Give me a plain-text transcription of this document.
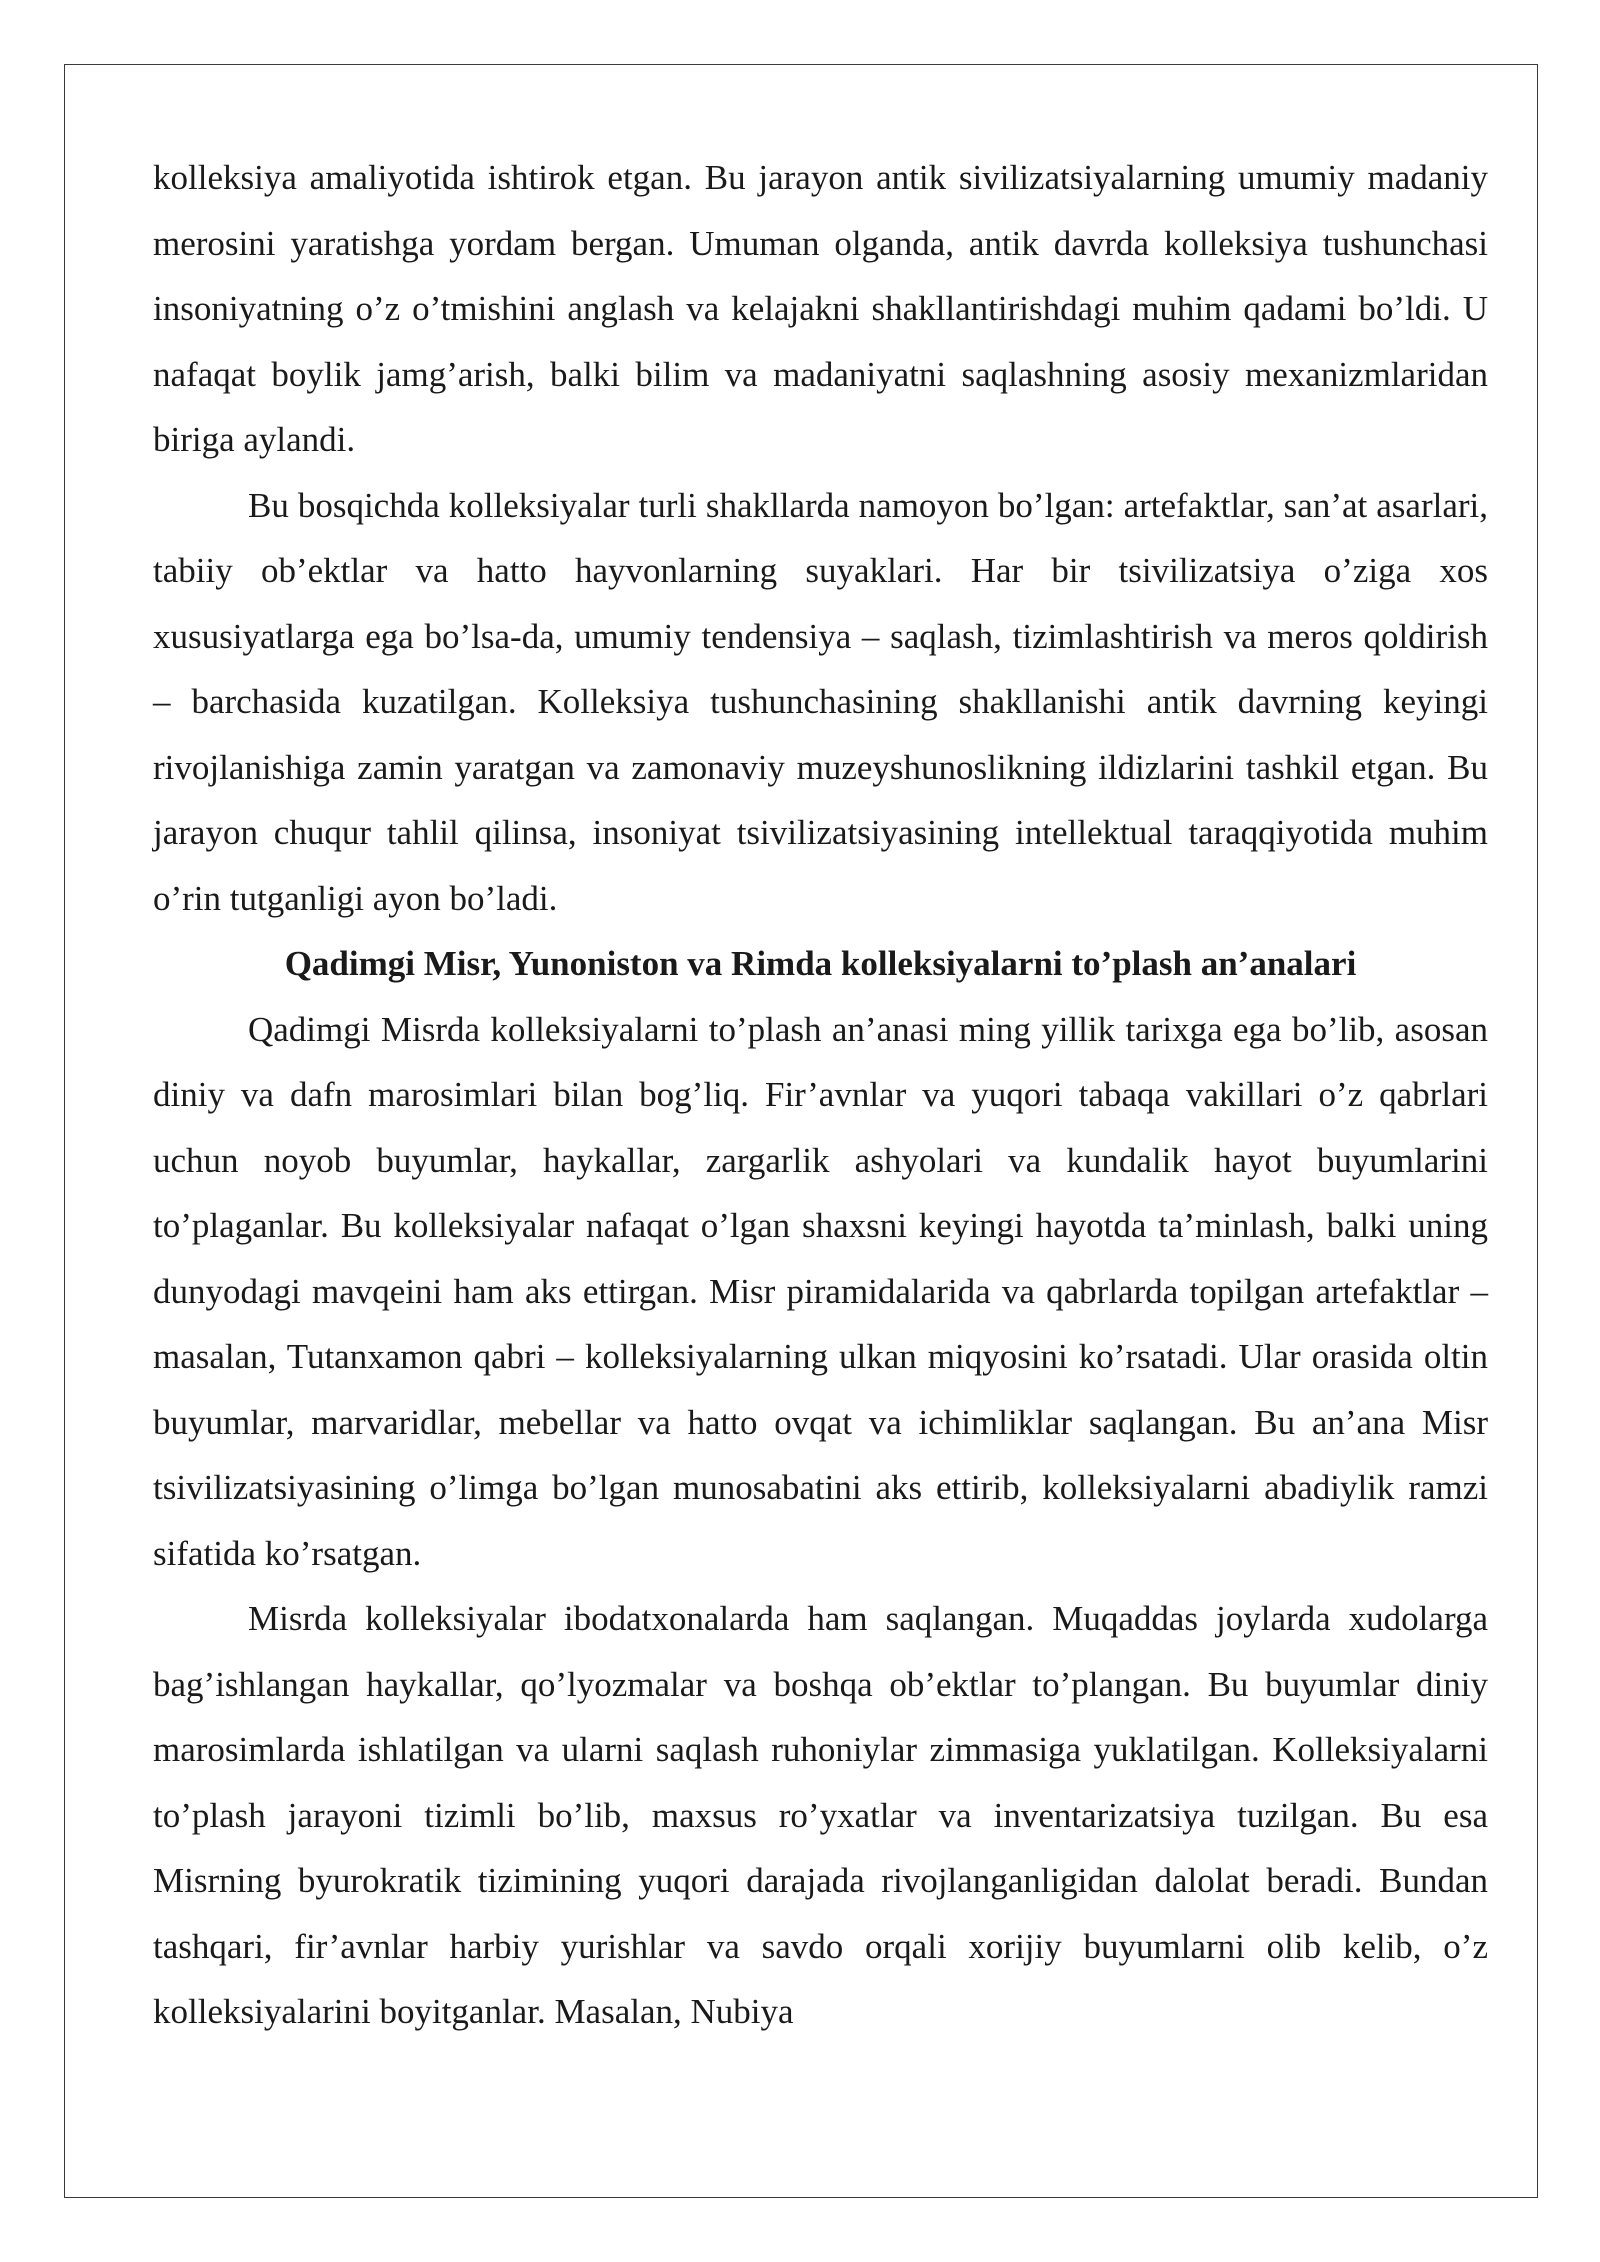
kolleksiya amaliyotida ishtirok etgan. Bu jarayon antik sivilizatsiyalarning umumiy madaniy merosini yaratishga yordam bergan. Umuman olganda, antik davrda kolleksiya tushunchasi insoniyatning o’z o’tmishini anglash va kelajakni shakllantirishdagi muhim qadami bo’ldi. U nafaqat boylik jamg’arish, balki bilim va madaniyatni saqlashning asosiy mexanizmlaridan biriga aylandi.

Bu bosqichda kolleksiyalar turli shakllarda namoyon bo’lgan: artefaktlar, san’at asarlari, tabiiy ob’ektlar va hatto hayvonlarning suyaklari. Har bir tsivilizatsiya o’ziga xos xususiyatlarga ega bo’lsa-da, umumiy tendensiya – saqlash, tizimlashtirish va meros qoldirish – barchasida kuzatilgan. Kolleksiya tushunchasining shakllanishi antik davrning keyingi rivojlanishiga zamin yaratgan va zamonaviy muzeyshunoslikning ildizlarini tashkil etgan. Bu jarayon chuqur tahlil qilinsa, insoniyat tsivilizatsiyasining intellektual taraqqiyotida muhim o’rin tutganligi ayon bo’ladi.

Qadimgi Misr, Yunoniston va Rimda kolleksiyalarni to’plash an’analari

Qadimgi Misrda kolleksiyalarni to’plash an’anasi ming yillik tarixga ega bo’lib, asosan diniy va dafn marosimlari bilan bog’liq. Fir’avnlar va yuqori tabaqa vakillari o’z qabrlari uchun noyob buyumlar, haykallar, zargarlik ashyolari va kundalik hayot buyumlarini to’plaganlar. Bu kolleksiyalar nafaqat o’lgan shaxsni keyingi hayotda ta’minlash, balki uning dunyodagi mavqeini ham aks ettirgan. Misr piramidalarida va qabrlarda topilgan artefaktlar – masalan, Tutanxamon qabri – kolleksiyalarning ulkan miqyosini ko’rsatadi. Ular orasida oltin buyumlar, marvaridlar, mebellar va hatto ovqat va ichimliklar saqlangan. Bu an’ana Misr tsivilizatsiyasining o’limga bo’lgan munosabatini aks ettirib, kolleksiyalarni abadiylik ramzi sifatida ko’rsatgan.

Misrda kolleksiyalar ibodatxonalarda ham saqlangan. Muqaddas joylarda xudolarga bag’ishlangan haykallar, qo’lyozmalar va boshqa ob’ektlar to’plangan. Bu buyumlar diniy marosimlarda ishlatilgan va ularni saqlash ruhoniylar zimmasiga yuklatilgan. Kolleksiyalarni to’plash jarayoni tizimli bo’lib, maxsus ro’yxatlar va inventarizatsiya tuzilgan. Bu esa Misrning byurokratik tizimining yuqori darajada rivojlanganligidan dalolat beradi. Bundan tashqari, fir’avnlar harbiy yurishlar va savdo orqali xorijiy buyumlarni olib kelib, o’z kolleksiyalarini boyitganlar. Masalan, Nubiya
